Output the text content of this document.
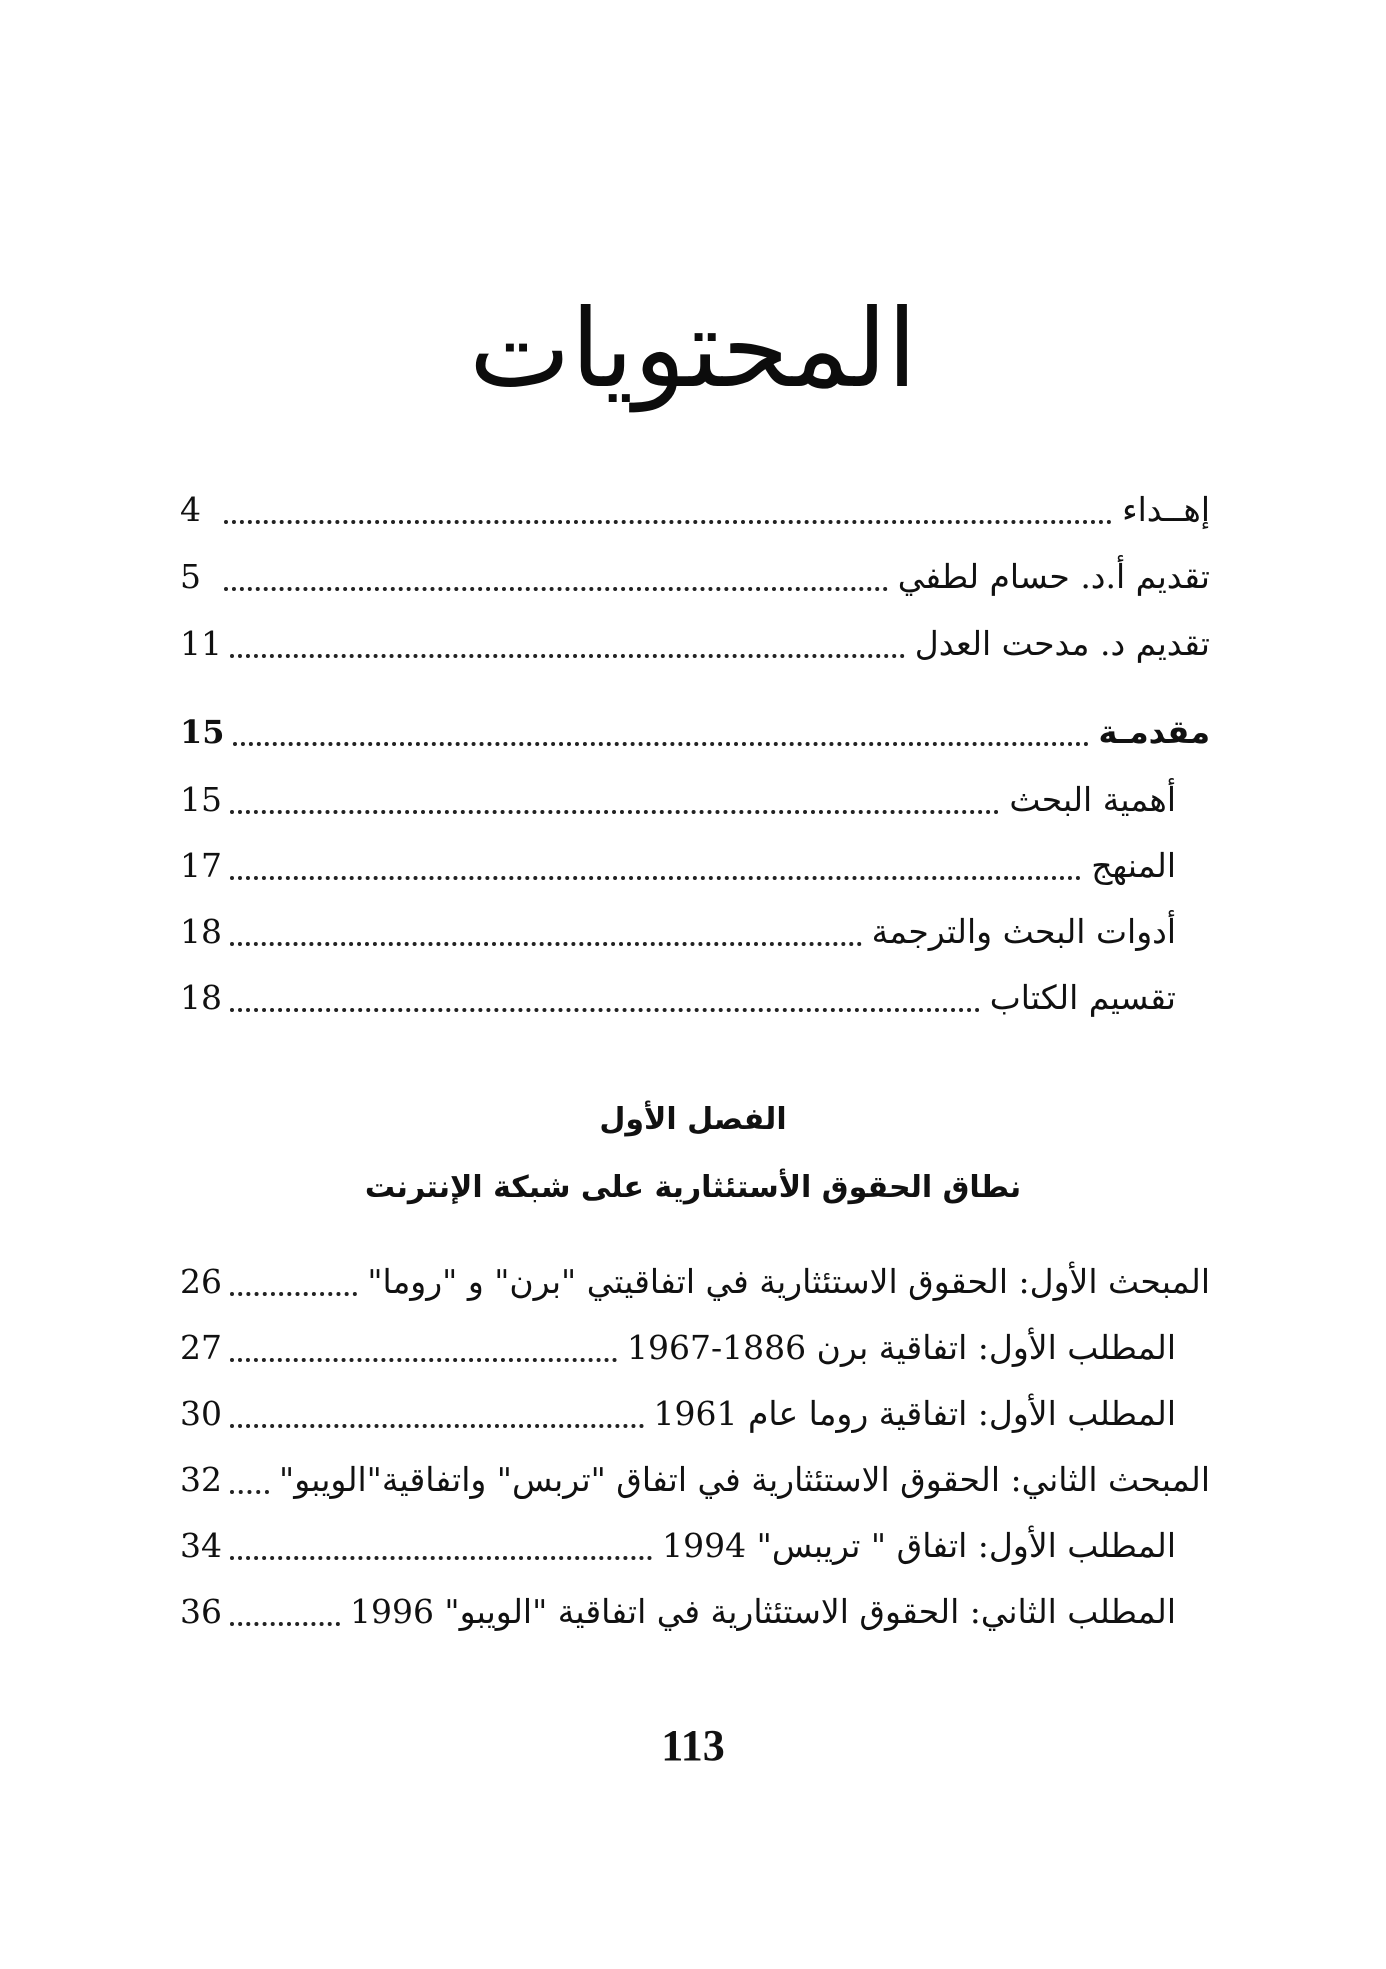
المحتويات
إهــداء
4
تقديم أ.د. حسام لطفي
5
تقديم د. مدحت العدل
11
مقدمـة
15
أهمية البحث
15
المنهج
17
أدوات البحث والترجمة
18
تقسيم الكتاب
18
الفصل الأول
نطاق الحقوق الأستئثارية على شبكة الإنترنت
المبحث الأول: الحقوق الاستئثارية في اتفاقيتي "برن" و "روما"
26
المطلب الأول: اتفاقية برن 1886-1967
27
المطلب الأول: اتفاقية روما عام 1961
30
المبحث الثاني: الحقوق الاستئثارية في اتفاق "تربس" واتفاقية"الويبو"
32
المطلب الأول: اتفاق " تريبس" 1994
34
المطلب الثاني: الحقوق الاستئثارية في اتفاقية "الويبو" 1996
36
113
